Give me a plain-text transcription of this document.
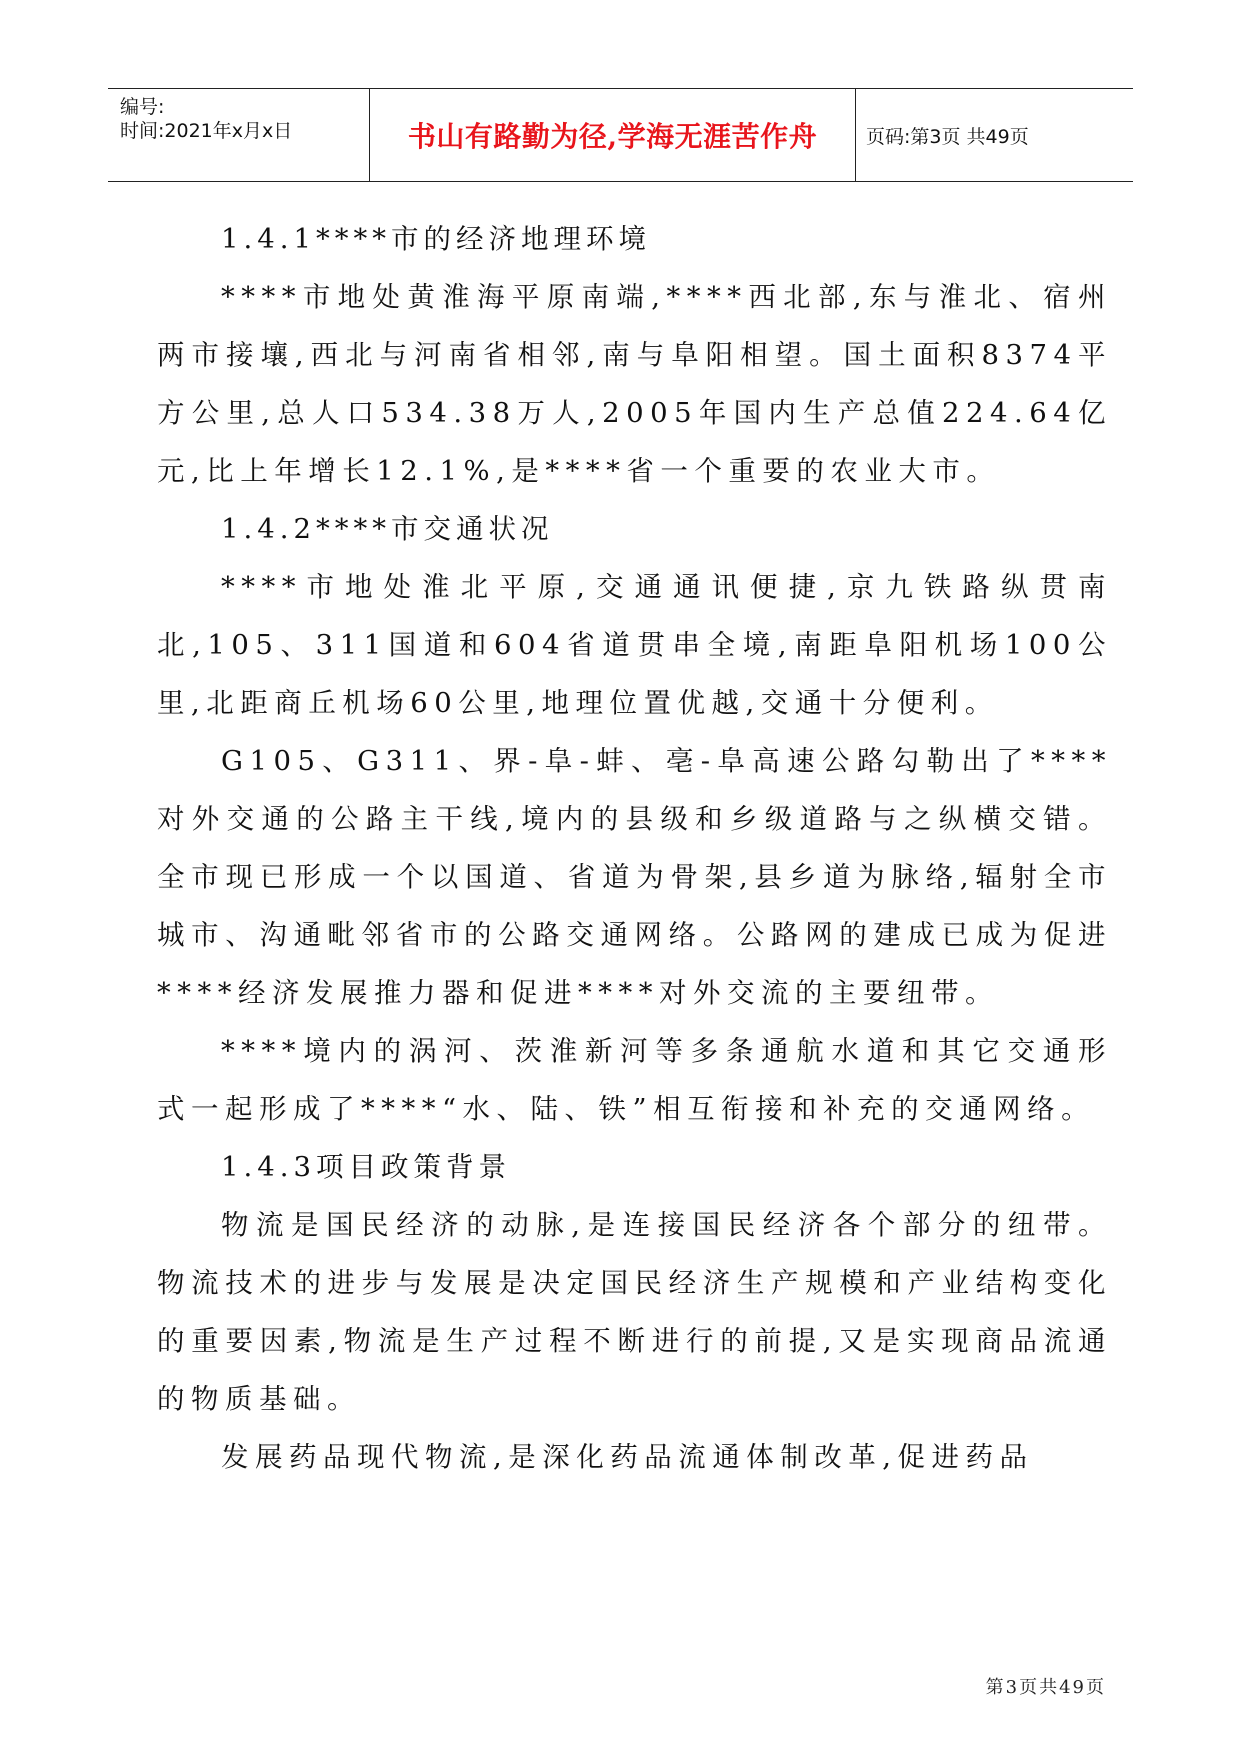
编号:
时间:2021年x月x日	书山有路勤为径,学海无涯苦作舟	页码:第3页 共49页

1.4.1****市的经济地理环境

****市地处黄淮海平原南端,****西北部,东与淮北、宿州两市接壤,西北与河南省相邻,南与阜阳相望。国土面积8374平方公里,总人口534.38万人,2005年国内生产总值224.64亿元,比上年增长12.1%,是****省一个重要的农业大市。

1.4.2****市交通状况

****市地处淮北平原,交通通讯便捷,京九铁路纵贯南北,105、311国道和604省道贯串全境,南距阜阳机场100公里,北距商丘机场60公里,地理位置优越,交通十分便利。

G105、G311、界-阜-蚌、亳-阜高速公路勾勒出了****对外交通的公路主干线,境内的县级和乡级道路与之纵横交错。全市现已形成一个以国道、省道为骨架,县乡道为脉络,辐射全市城市、沟通毗邻省市的公路交通网络。公路网的建成已成为促进****经济发展推力器和促进****对外交流的主要纽带。

****境内的涡河、茨淮新河等多条通航水道和其它交通形式一起形成了****“水、陆、铁”相互衔接和补充的交通网络。

1.4.3项目政策背景

物流是国民经济的动脉,是连接国民经济各个部分的纽带。物流技术的进步与发展是决定国民经济生产规模和产业结构变化的重要因素,物流是生产过程不断进行的前提,又是实现商品流通的物质基础。

发展药品现代物流,是深化药品流通体制改革,促进药品

第3页共49页
